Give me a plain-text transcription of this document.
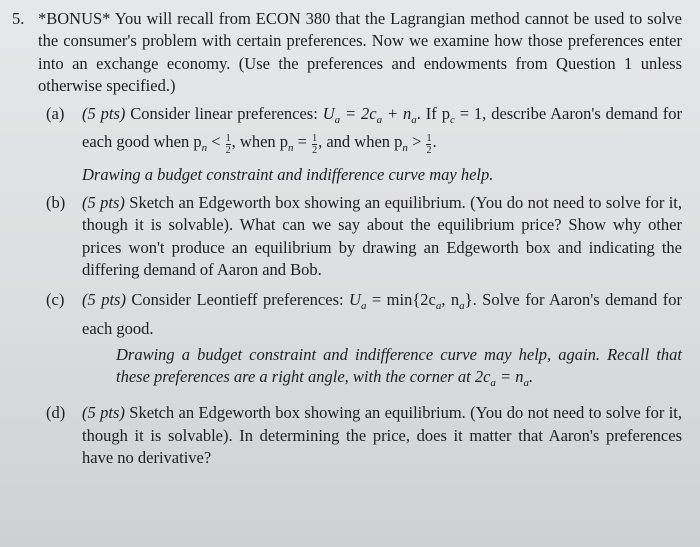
5. *BONUS* You will recall from ECON 380 that the Lagrangian method cannot be used to solve the consumer's problem with certain preferences. Now we examine how those preferences enter into an exchange economy. (Use the preferences and endowments from Question 1 unless otherwise specified.)
(a) (5 pts) Consider linear preferences: $U_a = 2c_a + n_a$. If $p_c = 1$, describe Aaron's demand for each good when $p_n < \frac{1}{2}$ , when $p_n = \frac{1}{2}$ , and when $p_n > \frac{1}{2}$ .
Drawing a budget constraint and indifference curve may help.
(b) (5 pts) Sketch an Edgeworth box showing an equilibrium. (You do not need to solve for it, though it is solvable). What can we say about the equilibrium price? Show why other prices won't produce an equilibrium by drawing an Edgeworth box and indicating the differing demand of Aaron and Bob.
(c) (5 pts) Consider Leontieff preferences: $U_a = \min\{2c_a$, $n_a$}. Solve for Aaron's demand for each good.
Drawing a budget constraint and indifference curve may help, again. Recall that these preferences are a right angle, with the corner at $2c_a = n_a$.
(d) (5 pts) Sketch an Edgeworth box showing an equilibrium. (You do not need to solve for it, though it is solvable). In determining the price, does it matter that Aaron's preferences have no derivative?
